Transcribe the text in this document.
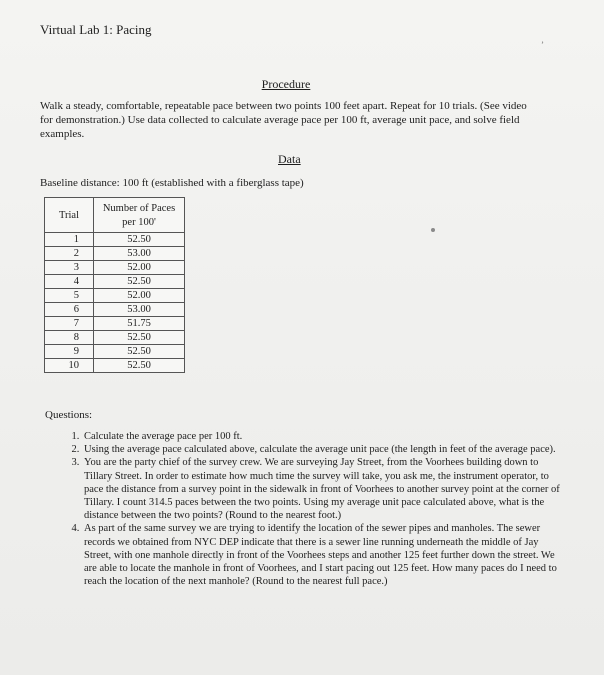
Virtual Lab 1: Pacing
’
Procedure
Walk a steady, comfortable, repeatable pace between two points 100 feet apart. Repeat for 10 trials. (See video for demonstration.) Use data collected to calculate average pace per 100 ft, average unit pace, and solve field examples.
Data
Baseline distance: 100 ft (established with a fiberglass tape)
Trial	Number of Paces
per 100'

1	52.50
2	53.00
3	52.00
4	52.50
5	52.00
6	53.00
7	51.75
8	52.50
9	52.50
10	52.50
Questions:
1. Calculate the average pace per 100 ft.
2. Using the average pace calculated above, calculate the average unit pace (the length in feet of the average pace).
3. You are the party chief of the survey crew. We are surveying Jay Street, from the Voorhees building down to Tillary Street. In order to estimate how much time the survey will take, you ask me, the instrument operator, to pace the distance from a survey point in the sidewalk in front of Voorhees to another survey point at the corner of Tillary. I count 314.5 paces between the two points. Using my average unit pace calculated above, what is the distance between the two points? (Round to the nearest foot.)
4. As part of the same survey we are trying to identify the location of the sewer pipes and manholes. The sewer records we obtained from NYC DEP indicate that there is a sewer line running underneath the middle of Jay Street, with one manhole directly in front of the Voorhees steps and another 125 feet further down the street. We are able to locate the manhole in front of Voorhees, and I start pacing out 125 feet. How many paces do I need to reach the location of the next manhole? (Round to the nearest full pace.)
